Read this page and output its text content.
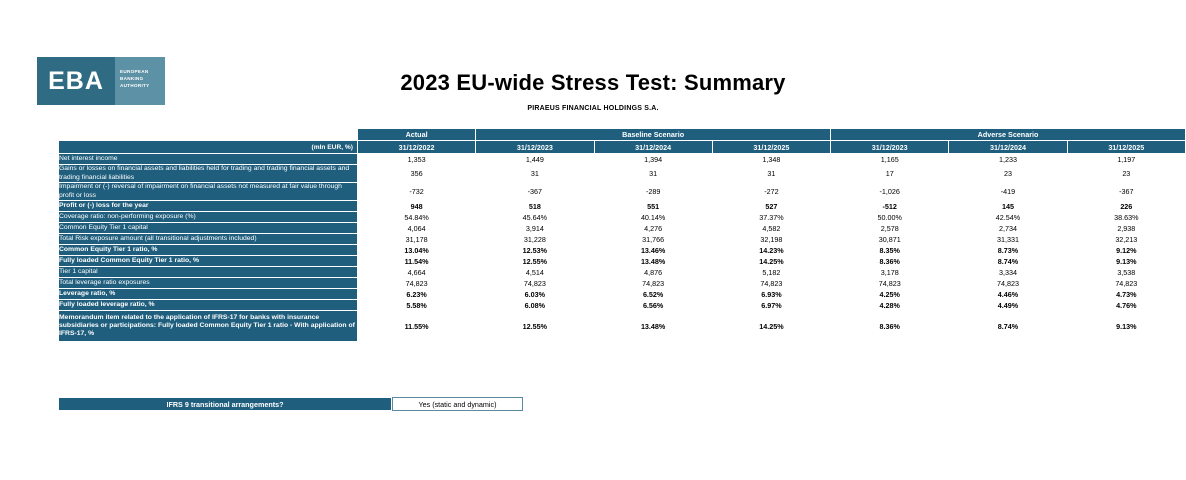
EBA	EUROPEAN BANKING AUTHORITY	2023 EU-wide Stress Test: Summary
PIRAEUS FINANCIAL HOLDINGS S.A.
	Actual	Baseline Scenario			Adverse Scenario		
(mln EUR, %)	31/12/2022	31/12/2023	31/12/2024	31/12/2025	31/12/2023	31/12/2024	31/12/2025
Net interest income	1,353	1,449	1,394	1,348	1,165	1,233	1,197
Gains or losses on financial assets and liabilities held for trading and trading financial assets and trading financial liabilities	356	31	31	31	17	23	23
Impairment or (-) reversal of impairment on financial assets not measured at fair value through profit or loss	-732	-367	-289	-272	-1,026	-419	-367
Profit or (-) loss for the year	948	518	551	527	-512	145	226
Coverage ratio: non-performing exposure (%)	54.84%	45.64%	40.14%	37.37%	50.00%	42.54%	38.63%
Common Equity Tier 1 capital	4,064	3,914	4,276	4,582	2,578	2,734	2,938
Total Risk exposure amount (all transitional adjustments included)	31,178	31,228	31,766	32,198	30,871	31,331	32,213
Common Equity Tier 1 ratio, %	13.04%	12.53%	13.46%	14.23%	8.35%	8.73%	9.12%
Fully loaded Common Equity Tier 1 ratio, %	11.54%	12.55%	13.48%	14.25%	8.36%	8.74%	9.13%
Tier 1 capital	4,664	4,514	4,876	5,182	3,178	3,334	3,538
Total leverage ratio exposures	74,823	74,823	74,823	74,823	74,823	74,823	74,823
Leverage ratio, %	6.23%	6.03%	6.52%	6.93%	4.25%	4.46%	4.73%
Fully loaded leverage ratio, %	5.58%	6.08%	6.56%	6.97%	4.28%	4.49%	4.76%
Memorandum item related to the application of IFRS-17 for banks with insurance subsidiaries or participations: Fully loaded Common Equity Tier 1 ratio - With application of IFRS-17, %	11.55%	12.55%	13.48%	14.25%	8.36%	8.74%	9.13%
IFRS 9 transitional arrangements?	Yes (static and dynamic)
